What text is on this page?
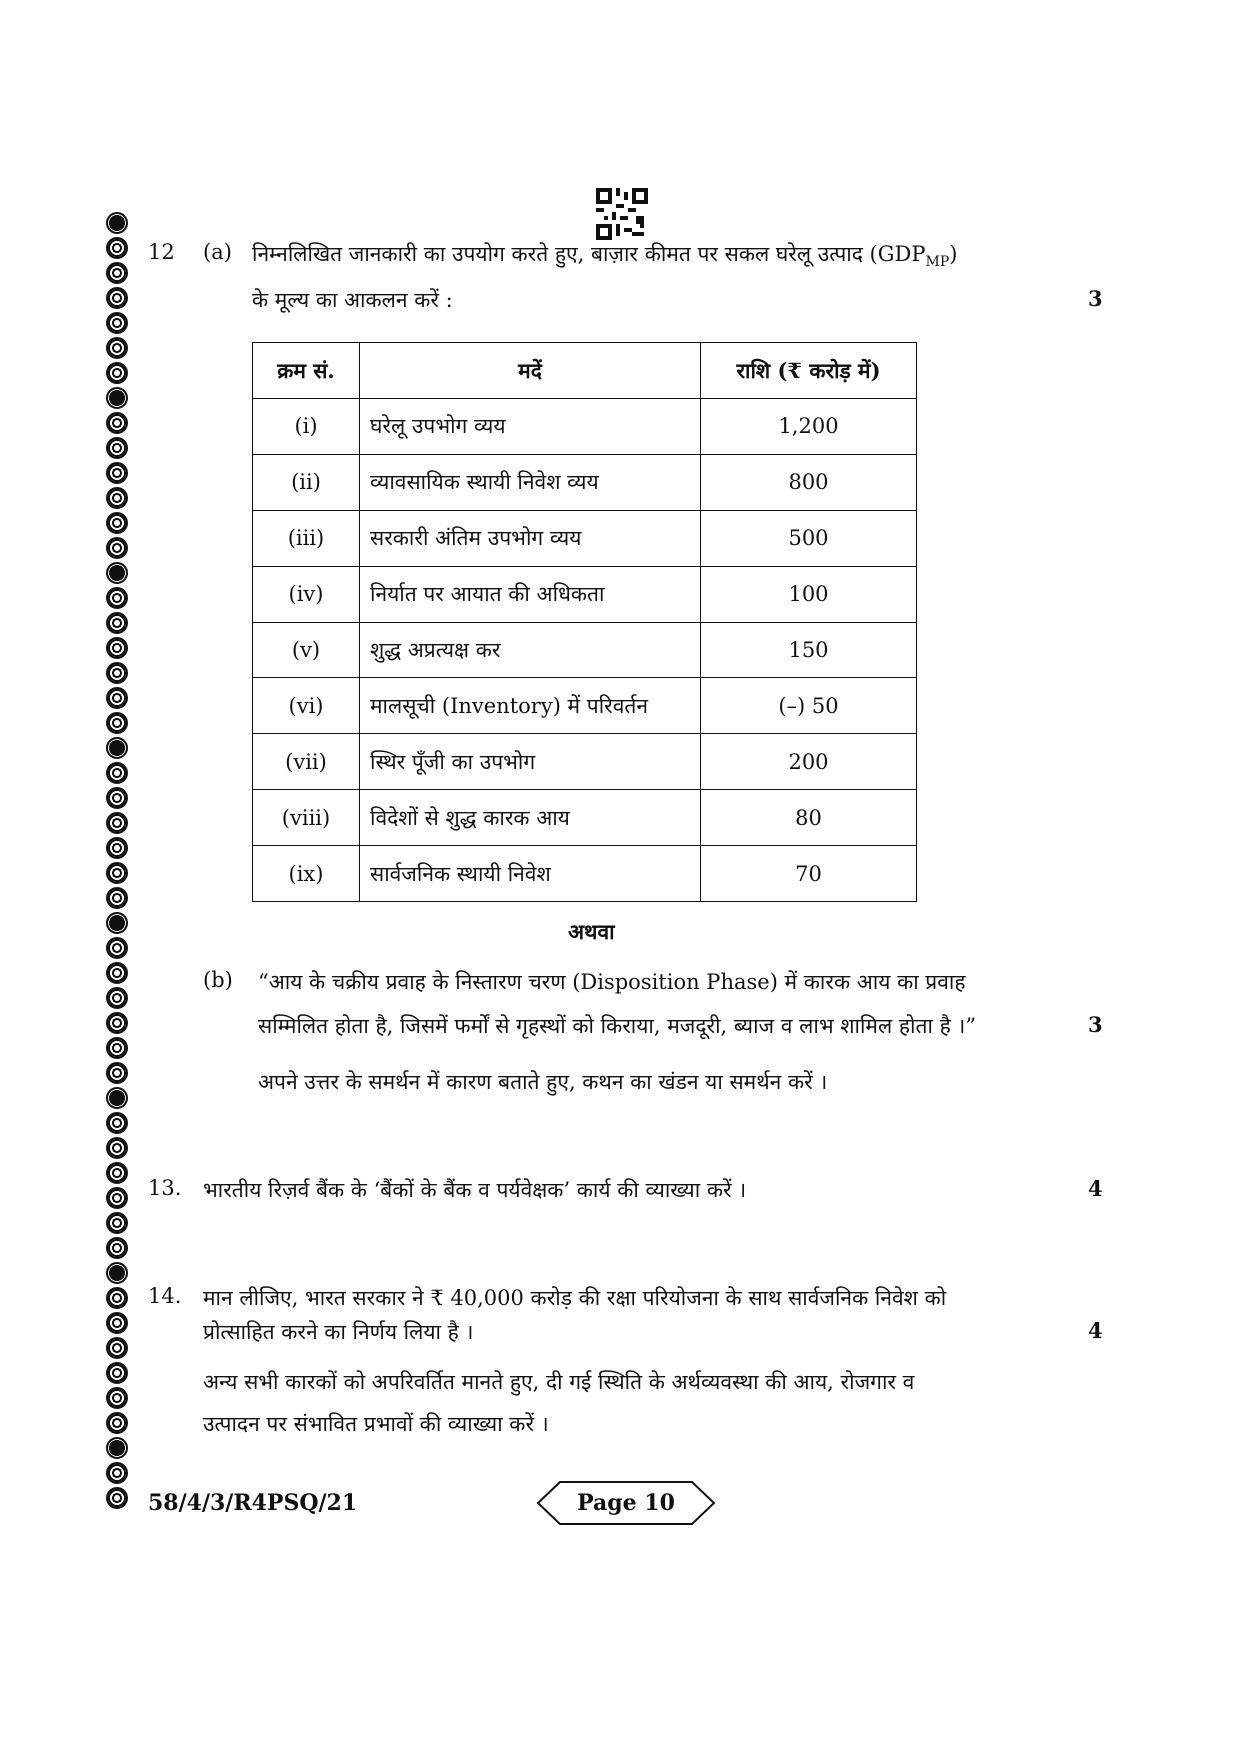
12 (a) निम्नलिखित जानकारी का उपयोग करते हुए, बाज़ार कीमत पर सकल घरेलू उत्पाद $(GDP_{MP})$
के मूल्य का आकलन करें :	3
क्रम सं.	मदें	राशि (₹ करोड़ में)
(i)	घरेलू उपभोग व्यय	1,200
(ii)	व्यावसायिक स्थायी निवेश व्यय	800
(iii)	सरकारी अंतिम उपभोग व्यय	500
(iv)	निर्यात पर आयात की अधिकता	100
(v)	शुद्ध अप्रत्यक्ष कर	150
(vi)	मालसूची (Inventory) में परिवर्तन	(–) 50
(vii)	स्थिर पूँजी का उपभोग	200
(viii)	विदेशों से शुद्ध कारक आय	80
(ix)	सार्वजनिक स्थायी निवेश	70
अथवा
(b) “आय के चक्रीय प्रवाह के निस्तारण चरण (Disposition Phase) में कारक आय का प्रवाह
सम्मिलित होता है, जिसमें फर्मों से गृहस्थों को किराया, मजदूरी, ब्याज व लाभ शामिल होता है ।”	3
अपने उत्तर के समर्थन में कारण बताते हुए, कथन का खंडन या समर्थन करें ।
13. भारतीय रिज़र्व बैंक के ‘बैंकों के बैंक व पर्यवेक्षक’ कार्य की व्याख्या करें ।	4
14. मान लीजिए, भारत सरकार ने ₹ 40,000 करोड़ की रक्षा परियोजना के साथ सार्वजनिक निवेश को
प्रोत्साहित करने का निर्णय लिया है ।	4
अन्य सभी कारकों को अपरिवर्तित मानते हुए, दी गई स्थिति के अर्थव्यवस्था की आय, रोजगार व
उत्पादन पर संभावित प्रभावों की व्याख्या करें ।
58/4/3/R4PSQ/21	Page 10
